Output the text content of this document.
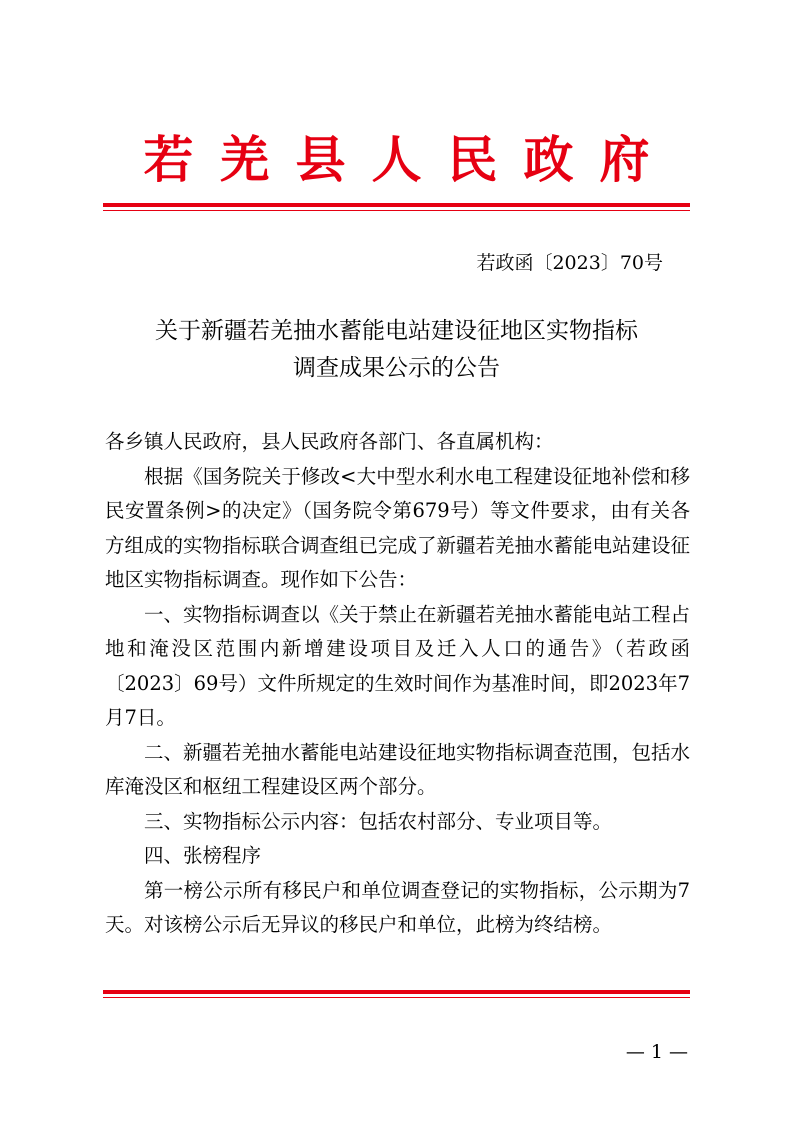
若羌县人民政府
若政函〔2023〕70号
关于新疆若羌抽水蓄能电站建设征地区实物指标
调查成果公示的公告

各乡镇人民政府，县人民政府各部门、各直属机构：

根据《国务院关于修改<大中型水利水电工程建设征地补偿和移民安置条例>的决定》（国务院令第679号）等文件要求，由有关各方组成的实物指标联合调查组已完成了新疆若羌抽水蓄能电站建设征地区实物指标调查。现作如下公告：

一、实物指标调查以《关于禁止在新疆若羌抽水蓄能电站工程占地和淹没区范围内新增建设项目及迁入人口的通告》（若政函〔2023〕69号）文件所规定的生效时间作为基准时间，即2023年7月7日。

二、新疆若羌抽水蓄能电站建设征地实物指标调查范围，包括水库淹没区和枢纽工程建设区两个部分。

三、实物指标公示内容：包括农村部分、专业项目等。

四、张榜程序

第一榜公示所有移民户和单位调查登记的实物指标，公示期为7天。对该榜公示后无异议的移民户和单位，此榜为终结榜。

— 1 —
